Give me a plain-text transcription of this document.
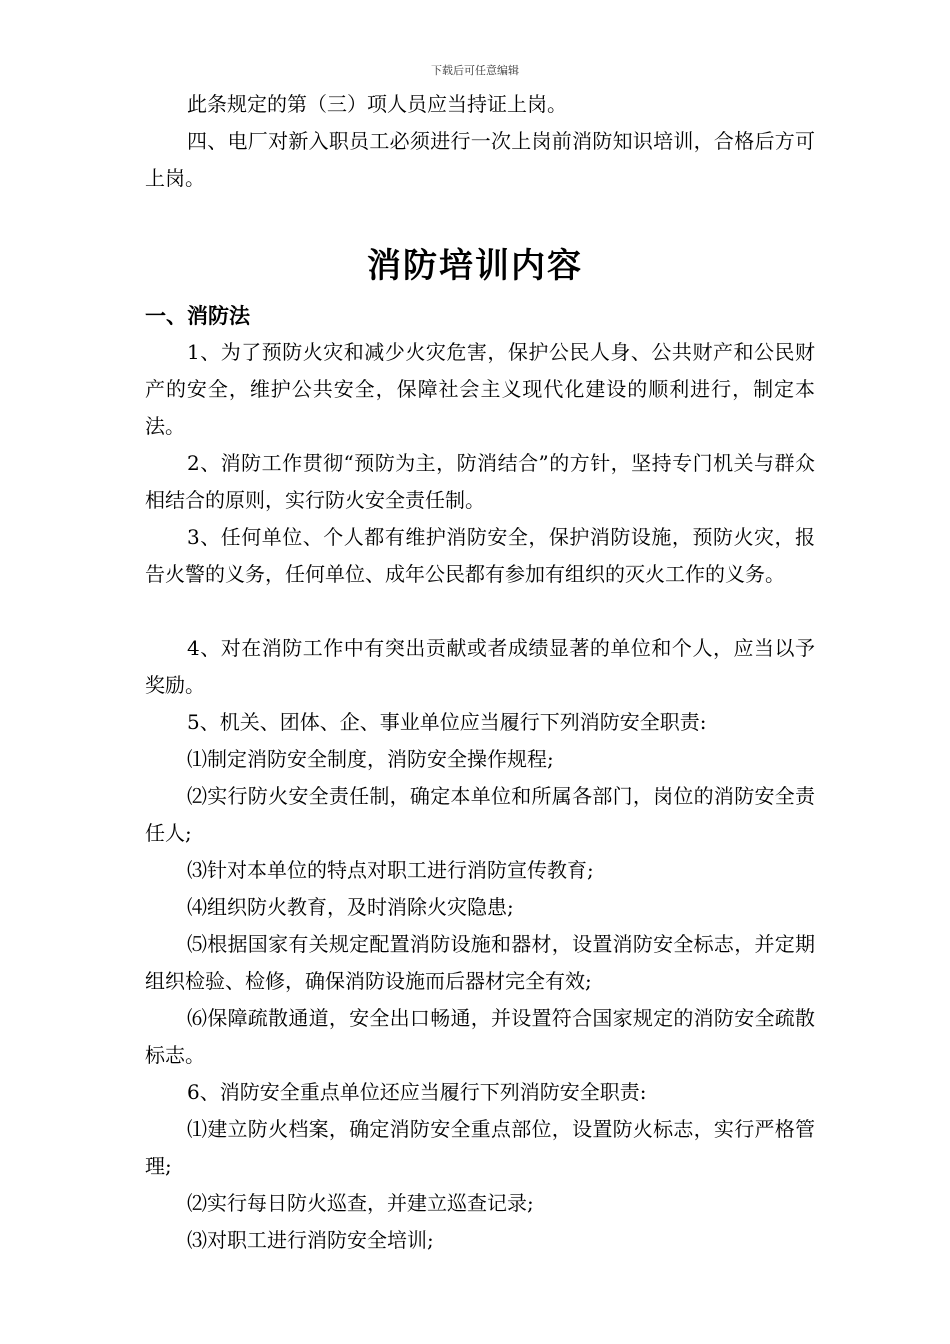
下载后可任意编辑

此条规定的第（三）项人员应当持证上岗。

四、电厂对新入职员工必须进行一次上岗前消防知识培训，合格后方可上岗。

消防培训内容
一、消防法

1、为了预防火灾和减少火灾危害，保护公民人身、公共财产和公民财产的安全，维护公共安全，保障社会主义现代化建设的顺利进行，制定本法。

2、消防工作贯彻“预防为主，防消结合”的方针，坚持专门机关与群众相结合的原则，实行防火安全责任制。

3、任何单位、个人都有维护消防安全，保护消防设施，预防火灾，报告火警的义务，任何单位、成年公民都有参加有组织的灭火工作的义务。

4、对在消防工作中有突出贡献或者成绩显著的单位和个人，应当以予奖励。

5、机关、团体、企、事业单位应当履行下列消防安全职责:

⑴制定消防安全制度，消防安全操作规程;

⑵实行防火安全责任制，确定本单位和所属各部门，岗位的消防安全责任人;

⑶针对本单位的特点对职工进行消防宣传教育;

⑷组织防火教育，及时消除火灾隐患;

⑸根据国家有关规定配置消防设施和器材，设置消防安全标志，并定期组织检验、检修，确保消防设施而后器材完全有效;

⑹保障疏散通道，安全出口畅通，并设置符合国家规定的消防安全疏散标志。

6、消防安全重点单位还应当履行下列消防安全职责:

⑴建立防火档案，确定消防安全重点部位，设置防火标志，实行严格管理;

⑵实行每日防火巡查，并建立巡查记录;

⑶对职工进行消防安全培训;
